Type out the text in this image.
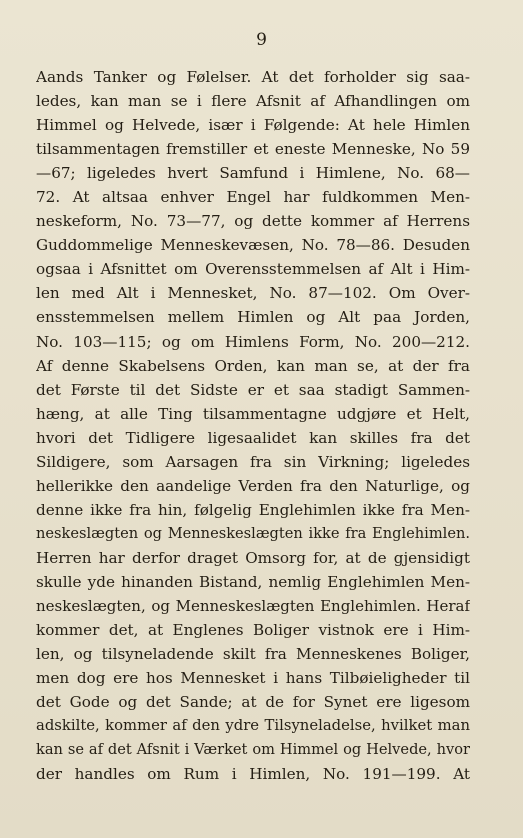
9
Aands Tanker og Følelser. At det forholder sig saa-
ledes, kan man se i flere Afsnit af Afhandlingen om
Himmel og Helvede, især i Følgende: At hele Himlen
tilsammentagen fremstiller et eneste Menneske, No 59
—67; ligeledes hvert Samfund i Himlene, No. 68—
72. At altsaa enhver Engel har fuldkommen Men-
neskeform, No. 73—77, og dette kommer af Herrens
Guddommelige Menneskevæsen, No. 78—86. Desuden
ogsaa i Afsnittet om Overensstemmelsen af Alt i Him-
len med Alt i Mennesket, No. 87—102. Om Over-
ensstemmelsen mellem Himlen og Alt paa Jorden,
No. 103—115; og om Himlens Form, No. 200—212.
Af denne Skabelsens Orden, kan man se, at der fra
det Første til det Sidste er et saa stadigt Sammen-
hæng, at alle Ting tilsammentagne udgjøre et Helt,
hvori det Tidligere ligesaalidet kan skilles fra det
Sildigere, som Aarsagen fra sin Virkning; ligeledes
hellerikke den aandelige Verden fra den Naturlige, og
denne ikke fra hin, følgelig Englehimlen ikke fra Men-
neskeslægten og Menneskeslægten ikke fra Englehimlen.
Herren har derfor draget Omsorg for, at de gjensidigt
skulle yde hinanden Bistand, nemlig Englehimlen Men-
neskeslægten, og Menneskeslægten Englehimlen. Heraf
kommer det, at Englenes Boliger vistnok ere i Him-
len, og tilsyneladende skilt fra Menneskenes Boliger,
men dog ere hos Mennesket i hans Tilbøieligheder til
det Gode og det Sande; at de for Synet ere ligesom
adskilte, kommer af den ydre Tilsyneladelse, hvilket man
kan se af det Afsnit i Værket om Himmel og Helvede, hvor
der handles om Rum i Himlen, No. 191—199. At
